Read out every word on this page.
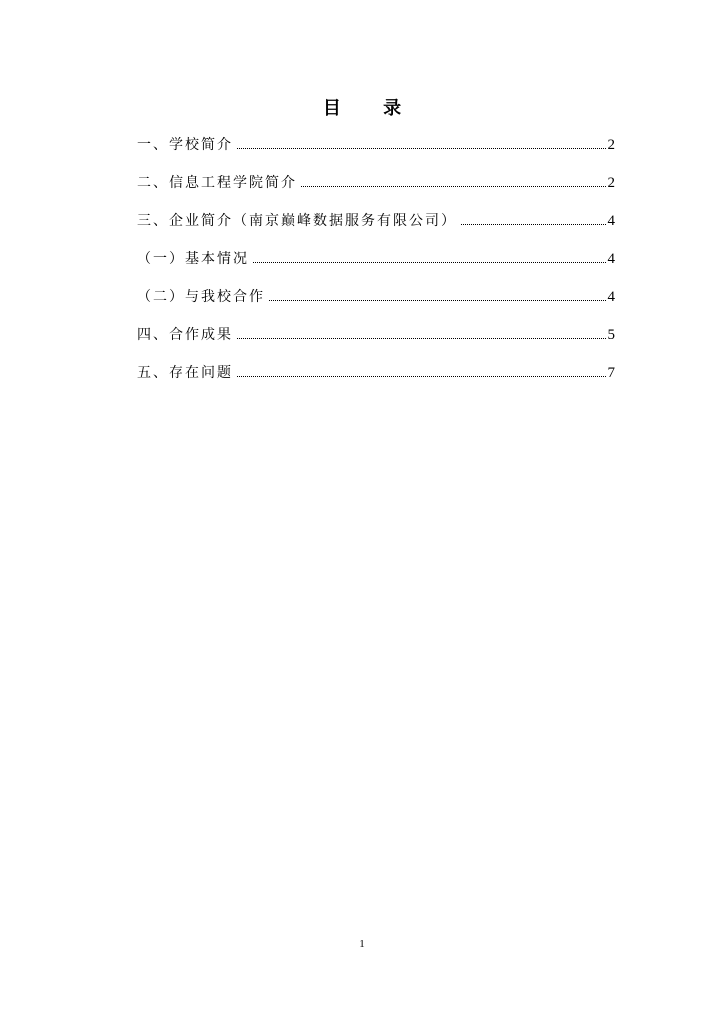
目 录
一、学校简介	2
二、信息工程学院简介	2
三、企业简介（南京巅峰数据服务有限公司）	4
（一）基本情况	4
（二）与我校合作	4
四、合作成果	5
五、存在问题	7
1
